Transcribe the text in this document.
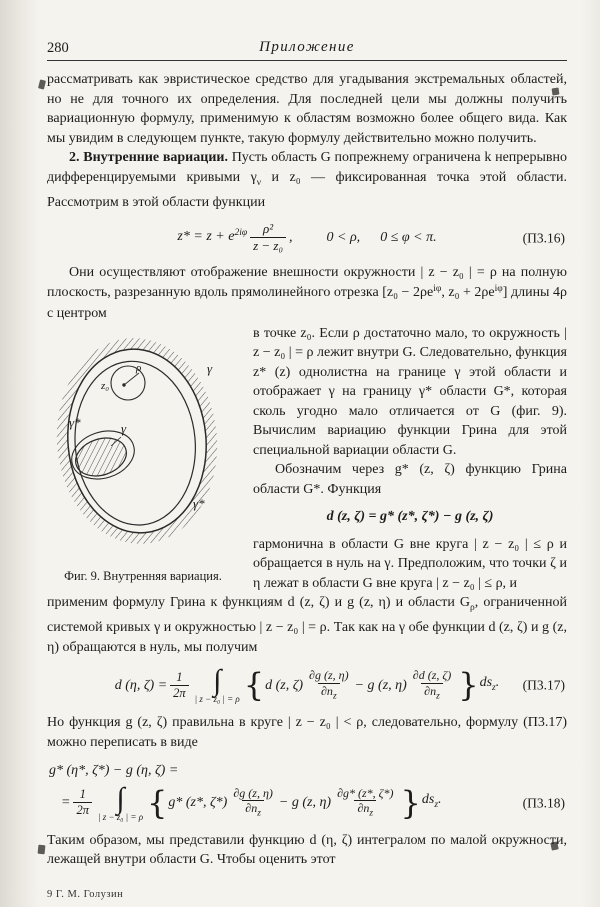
280	Приложение

рассматривать как эвристическое средство для угадывания экстремальных областей, но не для точного их определения. Для последней цели мы должны получить вариационную формулу, применимую к областям возможно более общего вида. Как мы увидим в следующем пункте, такую формулу действительно можно получить.

2. Внутренние вариации. Пусть область G попрежнему ограничена k непрерывно дифференцируемыми кривыми $\gamma_\nu$ и z₀ — фиксированная точка этой области. Рассмотрим в этой области функции

$z* = z + e^{2i\varphi} \frac{\text{ρ²}}{\text{z − z₀}}$ , 0 < ρ, 0 ≤ φ < π.	(П3.16)

Они осуществляют отображение внешности окружности | z − z₀ | = ρ на полную плоскость, разрезанную вдоль прямолинейного отрезка [$z_0 - 2\rho e^{i\varphi}$, $z_0 + 2\rho e^{i\varphi}$] длины 4ρ с центром

γ
γ*
z₀
ρ
γ*	γ
Фиг. 9. Внутренняя вариация.

в точке z₀. Если ρ достаточно мало, то окружность | z − z₀ | = ρ лежит внутри G. Следовательно, функция z* (z) однолистна на границе γ этой области и отображает γ на границу γ* области G*, которая сколь угодно мало отличается от G (фиг. 9). Вычислим вариацию функции Грина для этой специальной вариации области G.

Обозначим через g* (z, ζ) функцию Грина области G*. Функция

d (z, ζ) = g* (z*, ζ*) − g (z, ζ)

гармонична в области G вне круга | z − z₀ | ≤ ρ и обращается в нуль на γ. Предположим, что точки ζ и η лежат в области G вне круга | z − z₀ | ≤ ρ, и

применим формулу Грина к функциям d (z, ζ) и g (z, η) и области $G_\rho$, ограниченной системой кривых γ и окружностью | z − z₀ | = ρ. Так как на γ обе функции d (z, ζ) и g (z, η) обращаются в нуль, мы получим

d (η, $\zeta) = \frac{1}{2\pi}$ ∫
| z − z₀ | = ρ { d (z, $\zeta) \frac{\partial g (z, \eta)}{\partial n_z} - g$ (z, $\eta) \frac{\partial d (z, \zeta)}{\partial n_z}$ } $ds_z$. (П3.17)

Но функция g (z, ζ) правильна в круге | z − z₀ | < ρ, следовательно, формулу (П3.17) можно переписать в виде

g* (η*, ζ*) − g (η, ζ) =
= $\frac{1}{2\pi}$ ∫
| z − z₀ | = ρ { g* (z*, $\zeta*) \frac{\partial g (z, \eta)}{\partial n_z} - g$ (z, $\eta) \frac{\partial g* (z*, \zeta*)}{\partial n_z}$ } $ds_z$.	(П3.18)

Таким образом, мы представили функцию d (η, ζ) интегралом по малой окружности, лежащей внутри области G. Чтобы оценить этот

9 Г. М. Голузин
